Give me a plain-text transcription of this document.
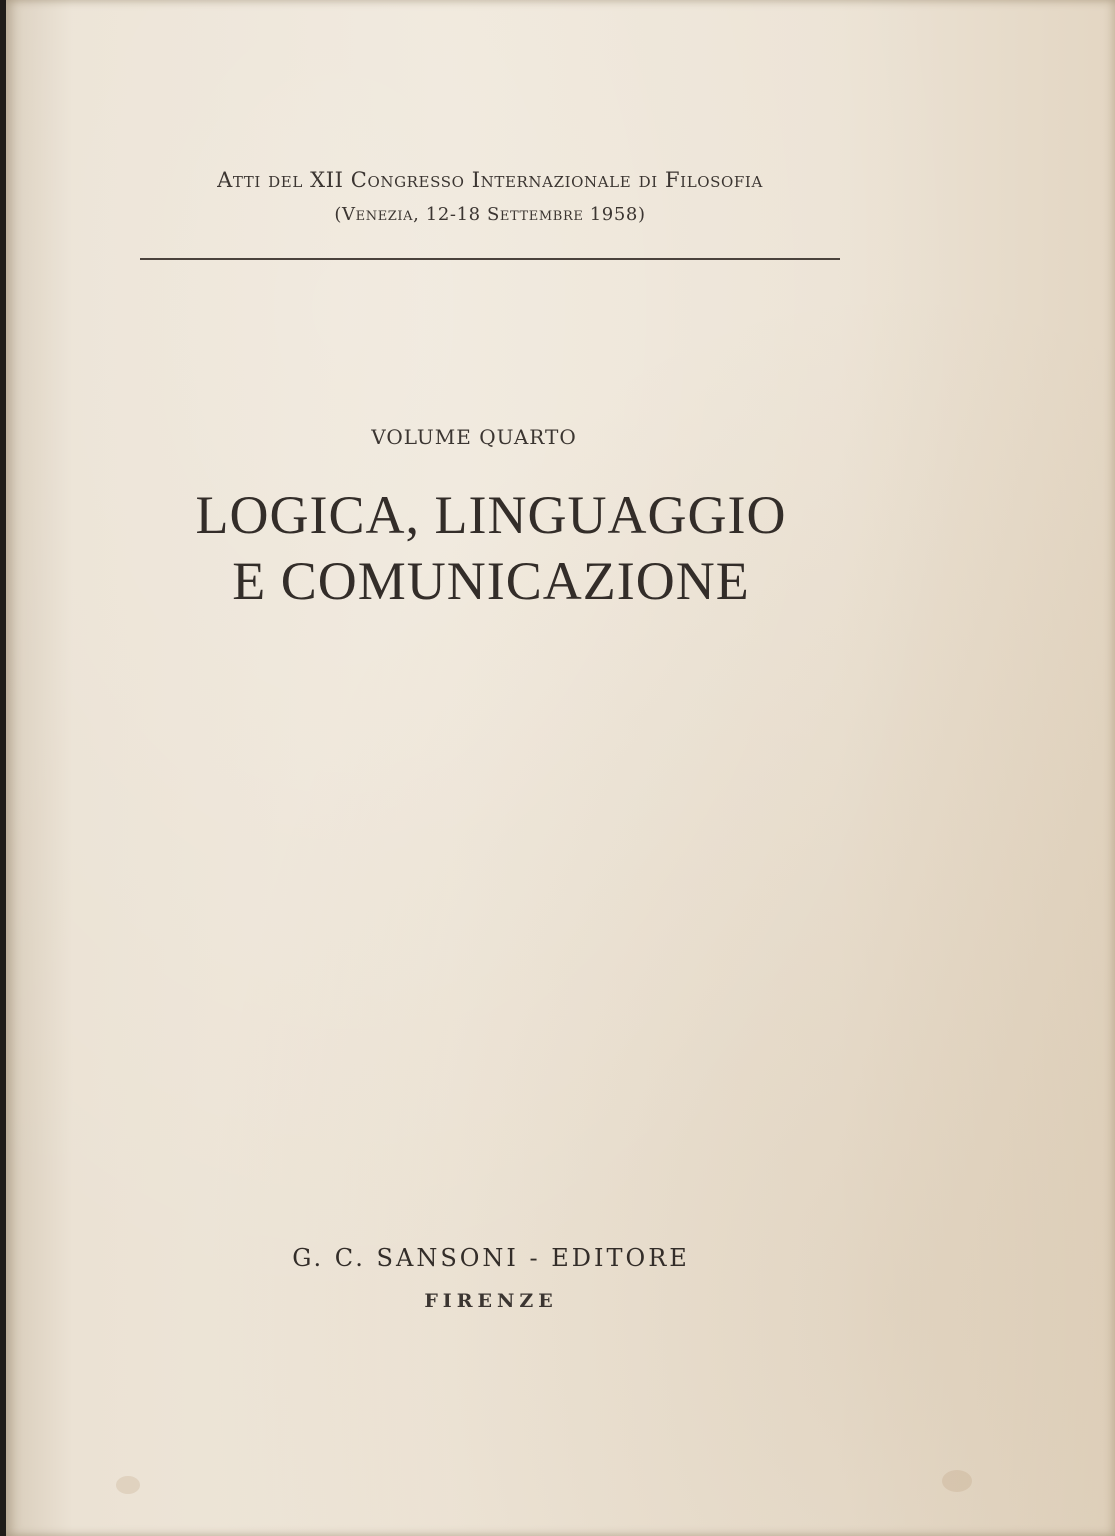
Atti del XII Congresso Internazionale di Filosofia
(Venezia, 12-18 Settembre 1958)
VOLUME QUARTO
LOGICA, LINGUAGGIO
E COMUNICAZIONE
G. C. SANSONI - EDITORE
FIRENZE
